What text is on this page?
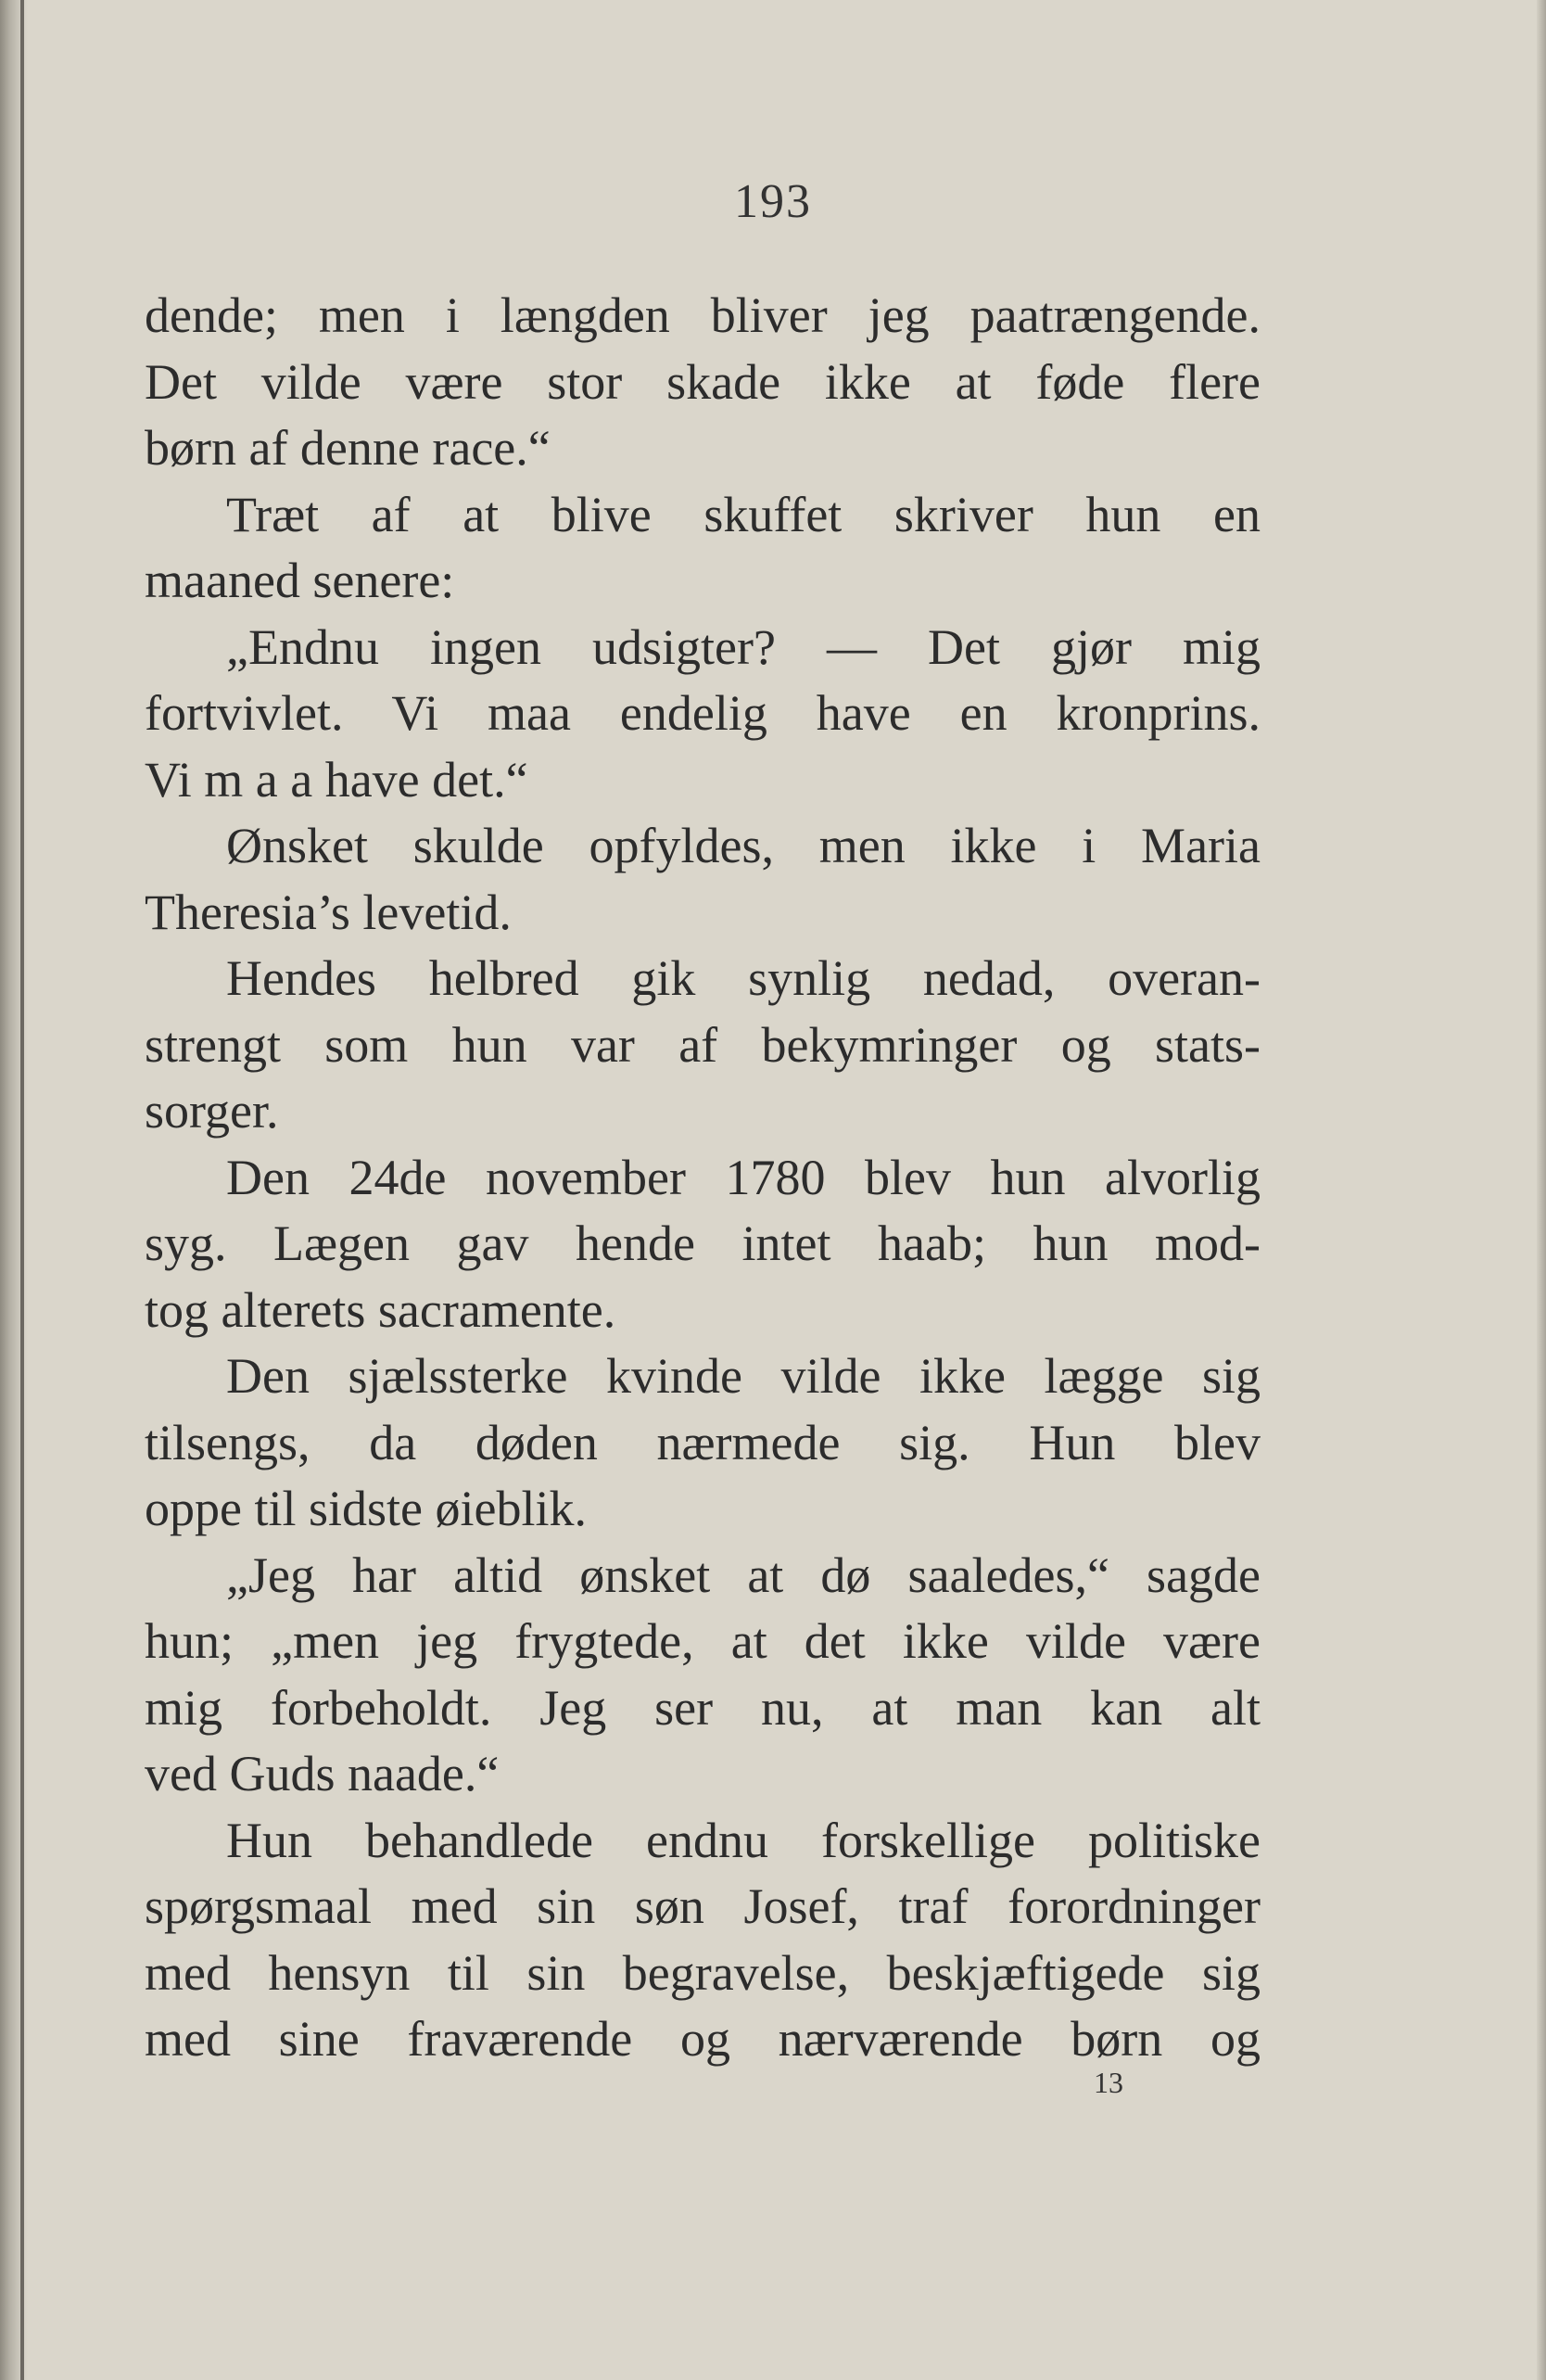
193
dende; men i længden bliver jeg paatrængende.
Det vilde være stor skade ikke at føde flere
børn af denne race.“
Træt af at blive skuffet skriver hun en
maaned senere:
„Endnu ingen udsigter? — Det gjør mig
fortvivlet. Vi maa endelig have en kronprins.
Vi m a a have det.“
Ønsket skulde opfyldes, men ikke i Maria
Theresia’s levetid.
Hendes helbred gik synlig nedad, overan-
strengt som hun var af bekymringer og stats-
sorger.
Den 24de november 1780 blev hun alvorlig
syg. Lægen gav hende intet haab; hun mod-
tog alterets sacramente.
Den sjælssterke kvinde vilde ikke lægge sig
tilsengs, da døden nærmede sig. Hun blev
oppe til sidste øieblik.
„Jeg har altid ønsket at dø saaledes,“ sagde
hun; „men jeg frygtede, at det ikke vilde være
mig forbeholdt. Jeg ser nu, at man kan alt
ved Guds naade.“
Hun behandlede endnu forskellige politiske
spørgsmaal med sin søn Josef, traf forordninger
med hensyn til sin begravelse, beskjæftigede sig
med sine fraværende og nærværende børn og
13
